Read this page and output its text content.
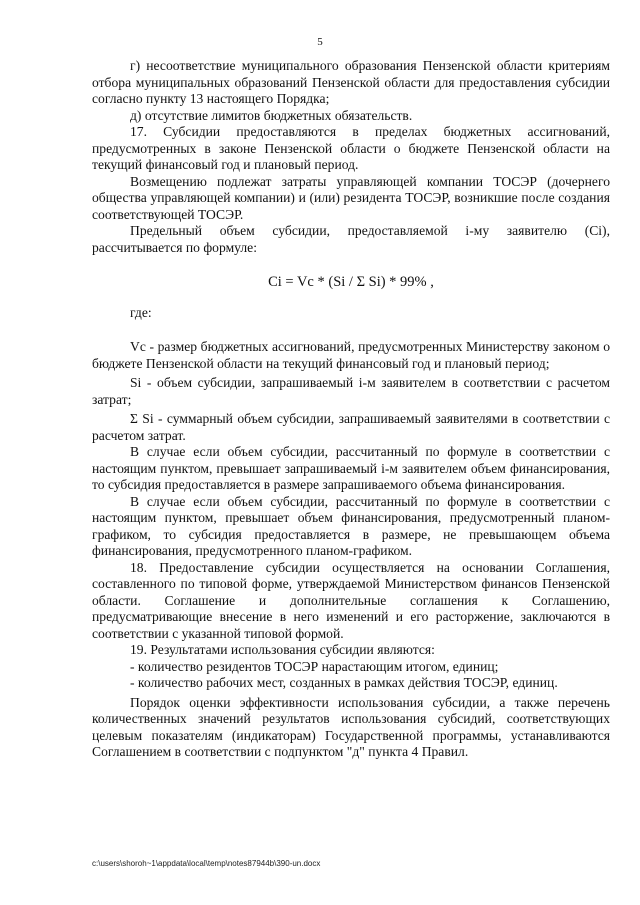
5

г) несоответствие муниципального образования Пензенской области критериям отбора муниципальных образований Пензенской области для предоставления субсидии согласно пункту 13 настоящего Порядка;

д) отсутствие лимитов бюджетных обязательств.

17. Субсидии предоставляются в пределах бюджетных ассигнований, предусмотренных в законе Пензенской области о бюджете Пензенской области на текущий финансовый год и плановый период.

Возмещению подлежат затраты управляющей компании ТОСЭР (дочернего общества управляющей компании) и (или) резидента ТОСЭР, возникшие после создания соответствующей ТОСЭР.

Предельный объем субсидии, предоставляемой i-му заявителю (Ci), рассчитывается по формуле:

Ci = Vc * (Si / Σ Si) * 99% ,

где:

Vc - размер бюджетных ассигнований, предусмотренных Министерству законом о бюджете Пензенской области на текущий финансовый год и плановый период;

Si - объем субсидии, запрашиваемый i-м заявителем в соответствии с расчетом затрат;

Σ Si - суммарный объем субсидии, запрашиваемый заявителями в соответствии с расчетом затрат.

В случае если объем субсидии, рассчитанный по формуле в соответствии с настоящим пунктом, превышает запрашиваемый i-м заявителем объем финансирования, то субсидия предоставляется в размере запрашиваемого объема финансирования.

В случае если объем субсидии, рассчитанный по формуле в соответствии с настоящим пунктом, превышает объем финансирования, предусмотренный планом-графиком, то субсидия предоставляется в размере, не превышающем объема финансирования, предусмотренного планом-графиком.

18. Предоставление субсидии осуществляется на основании Соглашения, составленного по типовой форме, утверждаемой Министерством финансов Пензенской области. Соглашение и дополнительные соглашения к Соглашению, предусматривающие внесение в него изменений и его расторжение, заключаются в соответствии с указанной типовой формой.

19. Результатами использования субсидии являются:

- количество резидентов ТОСЭР нарастающим итогом, единиц;

- количество рабочих мест, созданных в рамках действия ТОСЭР, единиц.

Порядок оценки эффективности использования субсидии, а также перечень количественных значений результатов использования субсидий, соответствующих целевым показателям (индикаторам) Государственной программы, устанавливаются Соглашением в соответствии с подпунктом "д" пункта 4 Правил.

c:\users\shoroh~1\appdata\local\temp\notes87944b\390-un.docx
